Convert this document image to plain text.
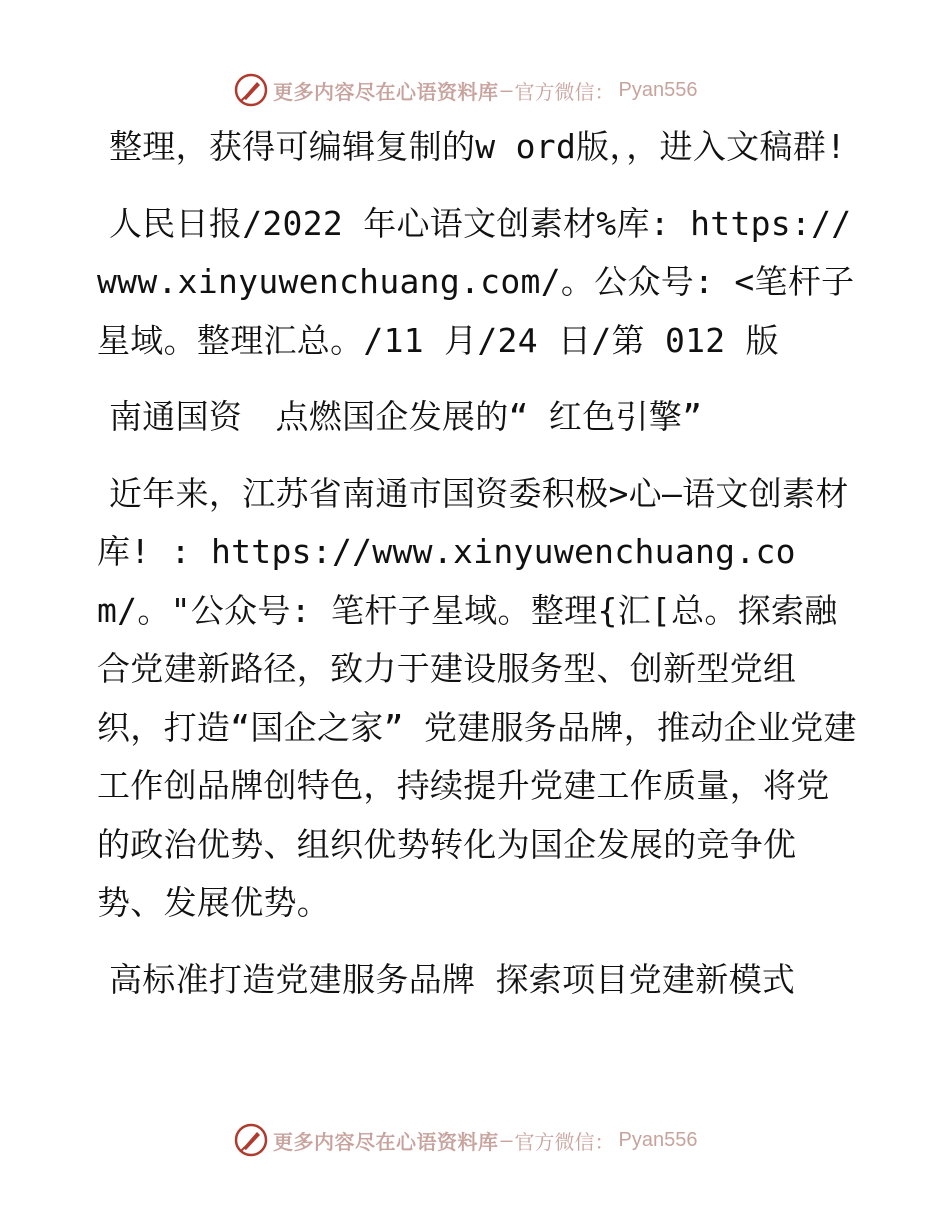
更多内容尽在心语资料库 — 官方微信： Pyan556

整理，获得可编辑复制的w ord版，，进入文稿群!

人民日报/2022 年心语文创素材%库: https://www.xinyuwenchuang.com/。公众号: <笔杆子星域。整理汇总。/11 月/24 日/第 012 版

南通国资　点燃国企发展的“ 红色引擎”

近年来，江苏省南通市国资委积极>心—语文创素材库! : https://www.xinyuwenchuang.com/。"公众号: 笔杆子星域。整理{汇[总。探索融合党建新路径，致力于建设服务型、创新型党组织，打造“国企之家” 党建服务品牌，推动企业党建工作创品牌创特色，持续提升党建工作质量，将党的政治优势、组织优势转化为国企发展的竞争优势、发展优势。

高标准打造党建服务品牌 探索项目党建新模式

更多内容尽在心语资料库 — 官方微信： Pyan556
